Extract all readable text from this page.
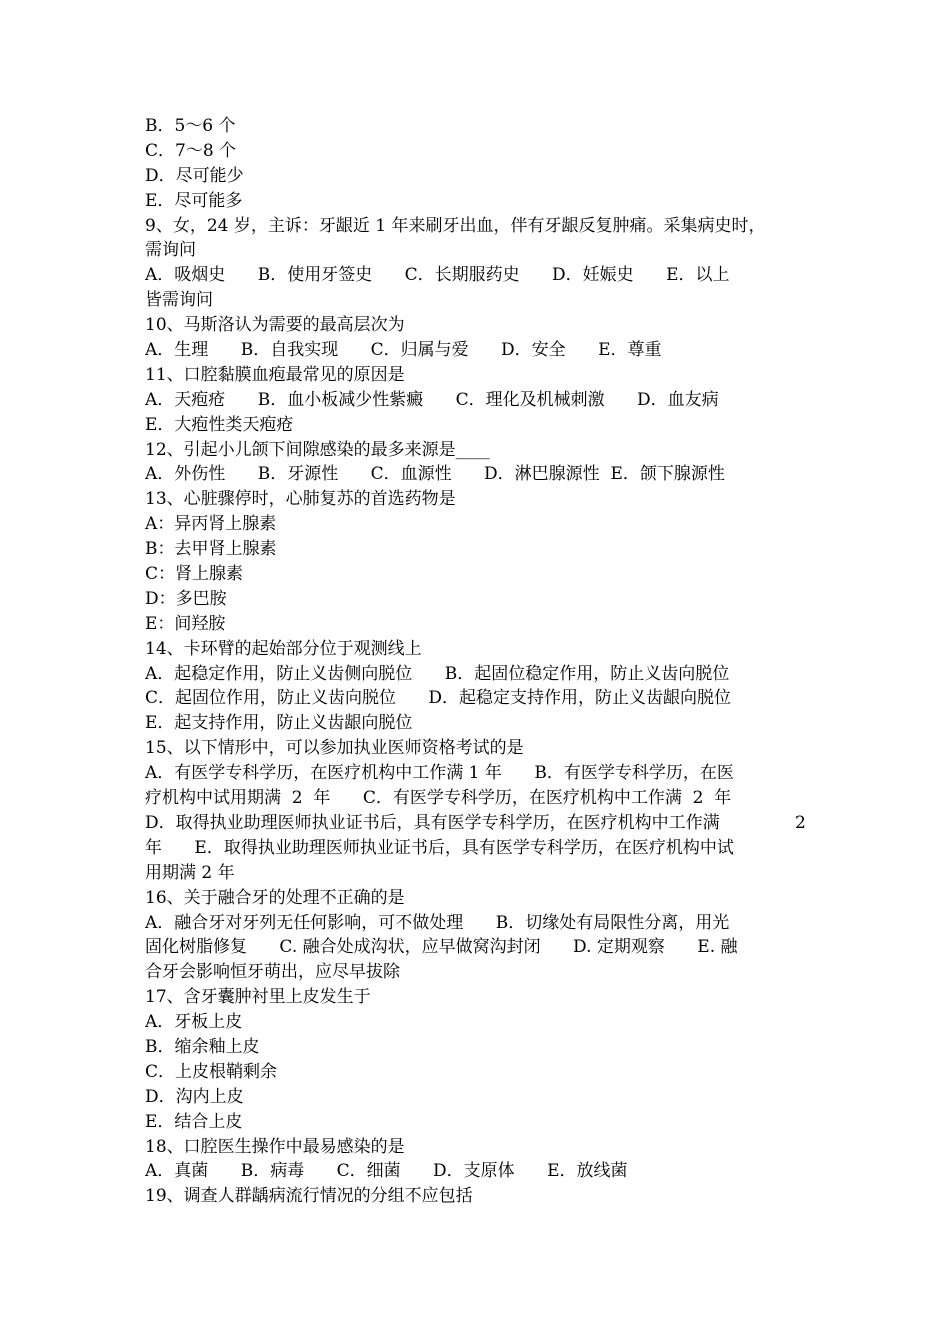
B．5～6 个
C．7～8 个
D．尽可能少
E．尽可能多
9、女，24 岁，主诉：牙龈近 1 年来刷牙出血，伴有牙龈反复肿痛。采集病史时，
需询问
A．吸烟史      B．使用牙签史      C．长期服药史      D．妊娠史      E．以上
皆需询问
10、马斯洛认为需要的最高层次为
A．生理      B．自我实现      C．归属与爱      D．安全      E．尊重
11、口腔黏膜血疱最常见的原因是
A．天疱疮      B．血小板减少性紫癜      C．理化及机械刺激      D．血友病
E．大疱性类天疱疮
12、引起小儿颌下间隙感染的最多来源是____
A．外伤性      B．牙源性      C．血源性      D．淋巴腺源性  E．颌下腺源性
13、心脏骤停时，心肺复苏的首选药物是
A：异丙肾上腺素
B：去甲肾上腺素
C：肾上腺素
D：多巴胺
E：间羟胺
14、卡环臂的起始部分位于观测线上
A．起稳定作用，防止义齿侧向脱位      B．起固位稳定作用，防止义齿向脱位
C．起固位作用，防止义齿向脱位      D．起稳定支持作用，防止义齿龈向脱位
E．起支持作用，防止义齿龈向脱位
15、以下情形中，可以参加执业医师资格考试的是
A．有医学专科学历，在医疗机构中工作满 1 年      B．有医学专科学历，在医
疗机构中试用期满  2  年      C．有医学专科学历，在医疗机构中工作满  2  年
D．取得执业助理医师执业证书后，具有医学专科学历，在医疗机构中工作满
年      E．取得执业助理医师执业证书后，具有医学专科学历，在医疗机构中试
用期满 2 年
16、关于融合牙的处理不正确的是
A．融合牙对牙列无任何影响，可不做处理      B．切缘处有局限性分离，用光
固化树脂修复      C. 融合处成沟状，应早做窝沟封闭      D. 定期观察      E. 融
合牙会影响恒牙萌出，应尽早拔除
17、含牙囊肿衬里上皮发生于
A．牙板上皮
B．缩余釉上皮
C．上皮根鞘剩余
D．沟内上皮
E．结合上皮
18、口腔医生操作中最易感染的是
A．真菌      B．病毒      C．细菌      D．支原体      E．放线菌
19、调查人群龋病流行情况的分组不应包括
2
